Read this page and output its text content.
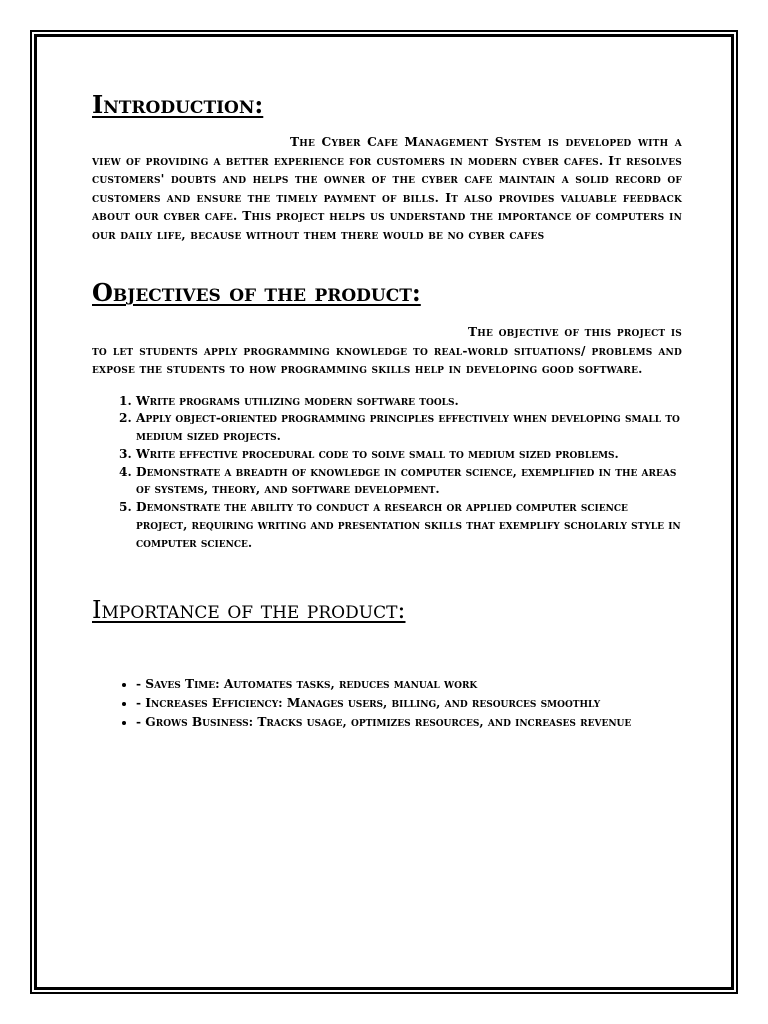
Introduction:

The Cyber Cafe Management System is developed with a view of providing a better experience for customers in modern cyber cafes. It resolves customers' doubts and helps the owner of the cyber cafe maintain a solid record of customers and ensure the timely payment of bills. It also provides valuable feedback about our cyber cafe. This project helps us understand the importance of computers in our daily life, because without them there would be no cyber cafes

Objectives of the product:

The objective of this project is to let students apply programming knowledge to real-world situations/ problems and expose the students to how programming skills help in developing good software.

1. Write programs utilizing modern software tools.
2. Apply object-oriented programming principles effectively when developing small to medium sized projects.
3. Write effective procedural code to solve small to medium sized problems.
4. Demonstrate a breadth of knowledge in computer science, exemplified in the areas of systems, theory, and software development.
5. Demonstrate the ability to conduct a research or applied computer science project, requiring writing and presentation skills that exemplify scholarly style in computer science.
Importance of the product:
• - Saves Time: Automates tasks, reduces manual work
• - Increases Efficiency: Manages users, billing, and resources smoothly
• - Grows Business: Tracks usage, optimizes resources, and increases revenue
